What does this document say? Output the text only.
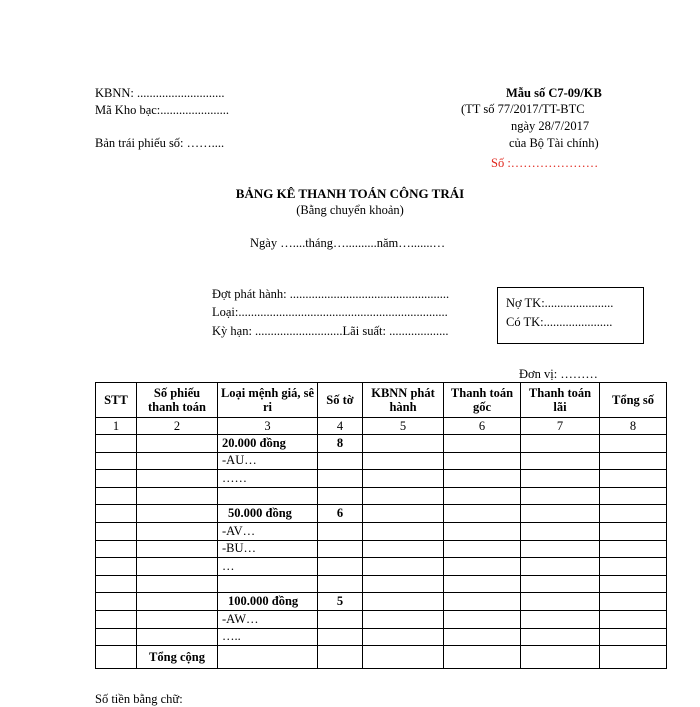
KBNN: ............................
Mã Kho bạc:......................
Bản trái phiếu số: ……....
Mẫu số C7-09/KB
(TT số 77/2017/TT-BTC
ngày 28/7/2017
của Bộ Tài chính)
Số :…………………
BẢNG KÊ THANH TOÁN CÔNG TRÁI
(Bằng chuyển khoản)
Ngày …....tháng…..........năm….......…
Đợt phát hành: ...................................................
Loại:...................................................................
Kỳ hạn: ............................Lãi suất: ...................
Nợ TK:......................
Có TK:......................
Đơn vị: ………
STT	Số phiếu thanh toán	Loại mệnh giá, sê ri	Số tờ	KBNN phát hành	Thanh toán gốc	Thanh toán lãi	Tổng số
1	2	3	4	5	6	7	8
		20.000 đồng	8				
		-AU…					
		……					

		50.000 đồng	6				
		-AV…					
		-BU…					
		…					

		100.000 đồng	5				
		-AW…					
		…..					
	Tổng cộng						
Số tiền bằng chữ:
